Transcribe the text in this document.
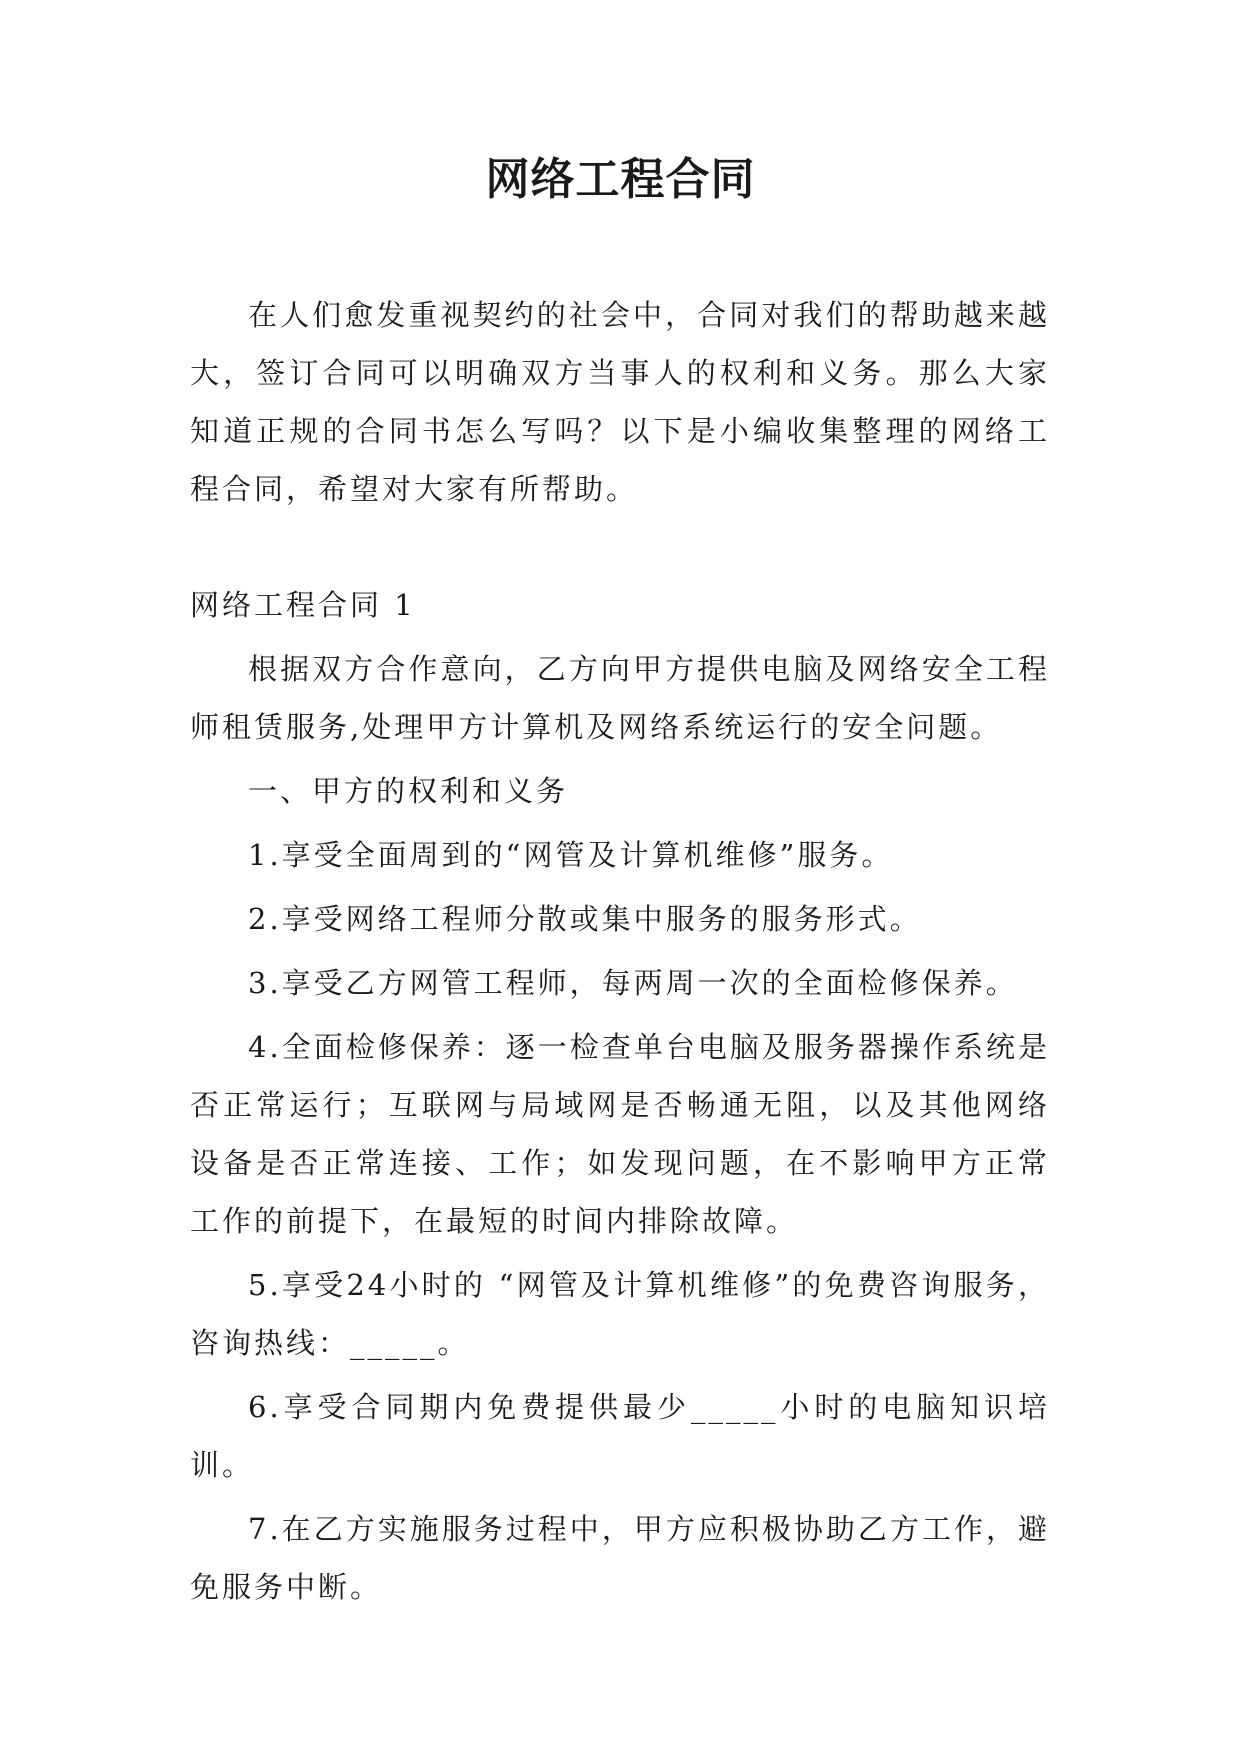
网络工程合同

在人们愈发重视契约的社会中，合同对我们的帮助越来越大，签订合同可以明确双方当事人的权利和义务。那么大家知道正规的合同书怎么写吗？以下是小编收集整理的网络工程合同，希望对大家有所帮助。

网络工程合同 1

根据双方合作意向，乙方向甲方提供电脑及网络安全工程师租赁服务,处理甲方计算机及网络系统运行的安全问题。

一、甲方的权利和义务

1.享受全面周到的“网管及计算机维修”服务。

2.享受网络工程师分散或集中服务的服务形式。

3.享受乙方网管工程师，每两周一次的全面检修保养。

4.全面检修保养：逐一检查单台电脑及服务器操作系统是否正常运行；互联网与局域网是否畅通无阻，以及其他网络设备是否正常连接、工作；如发现问题，在不影响甲方正常工作的前提下，在最短的时间内排除故障。

5.享受24小时的 “网管及计算机维修”的免费咨询服务，咨询热线：_____。

6.享受合同期内免费提供最少_____小时的电脑知识培训。

7.在乙方实施服务过程中，甲方应积极协助乙方工作，避免服务中断。
